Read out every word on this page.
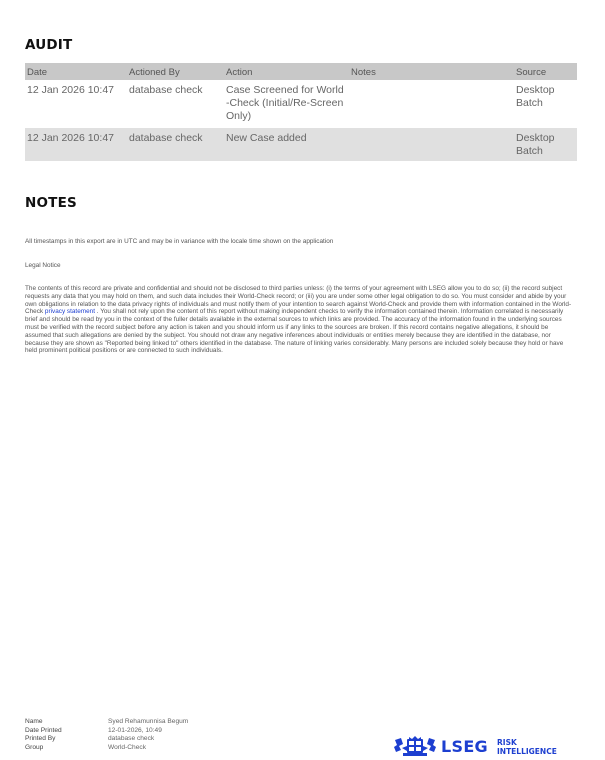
AUDIT
Date	Actioned By	Action	Notes	Source
12 Jan 2026 10:47	database check	Case Screened for World-Check (Initial/Re-Screen Only)		Desktop Batch

12 Jan 2026 10:47	database check	New Case added		Desktop Batch
NOTES
All timestamps in this export are in UTC and may be in variance with the locale time shown on the application
Legal Notice
The contents of this record are private and confidential and should not be disclosed to third parties unless: (i) the terms of your agreement with LSEG allow you to do so; (ii) the record subject requests any data that you may hold on them, and such data includes their World-Check record; or (iii) you are under some other legal obligation to do so. You must consider and abide by your own obligations in relation to the data privacy rights of individuals and must notify them of your intention to search against World-Check and provide them with information contained in the World-Check privacy statement . You shall not rely upon the content of this report without making independent checks to verify the information contained therein. Information correlated is necessarily brief and should be read by you in the context of the fuller details available in the external sources to which links are provided. The accuracy of the information found in the underlying sources must be verified with the record subject before any action is taken and you should inform us if any links to the sources are broken. If this record contains negative allegations, it should be assumed that such allegations are denied by the subject. You should not draw any negative inferences about individuals or entities merely because they are identified in the database, nor because they are shown as "Reported being linked to" others identified in the database. The nature of linking varies considerably. Many persons are included solely because they hold or have held prominent political positions or are connected to such individuals.
Name	Syed Rehamunnisa Begum
Date Printed	12-01-2026, 10:49
Printed By	database check
Group	World-Check	LSEG RISK
INTELLIGENCE
